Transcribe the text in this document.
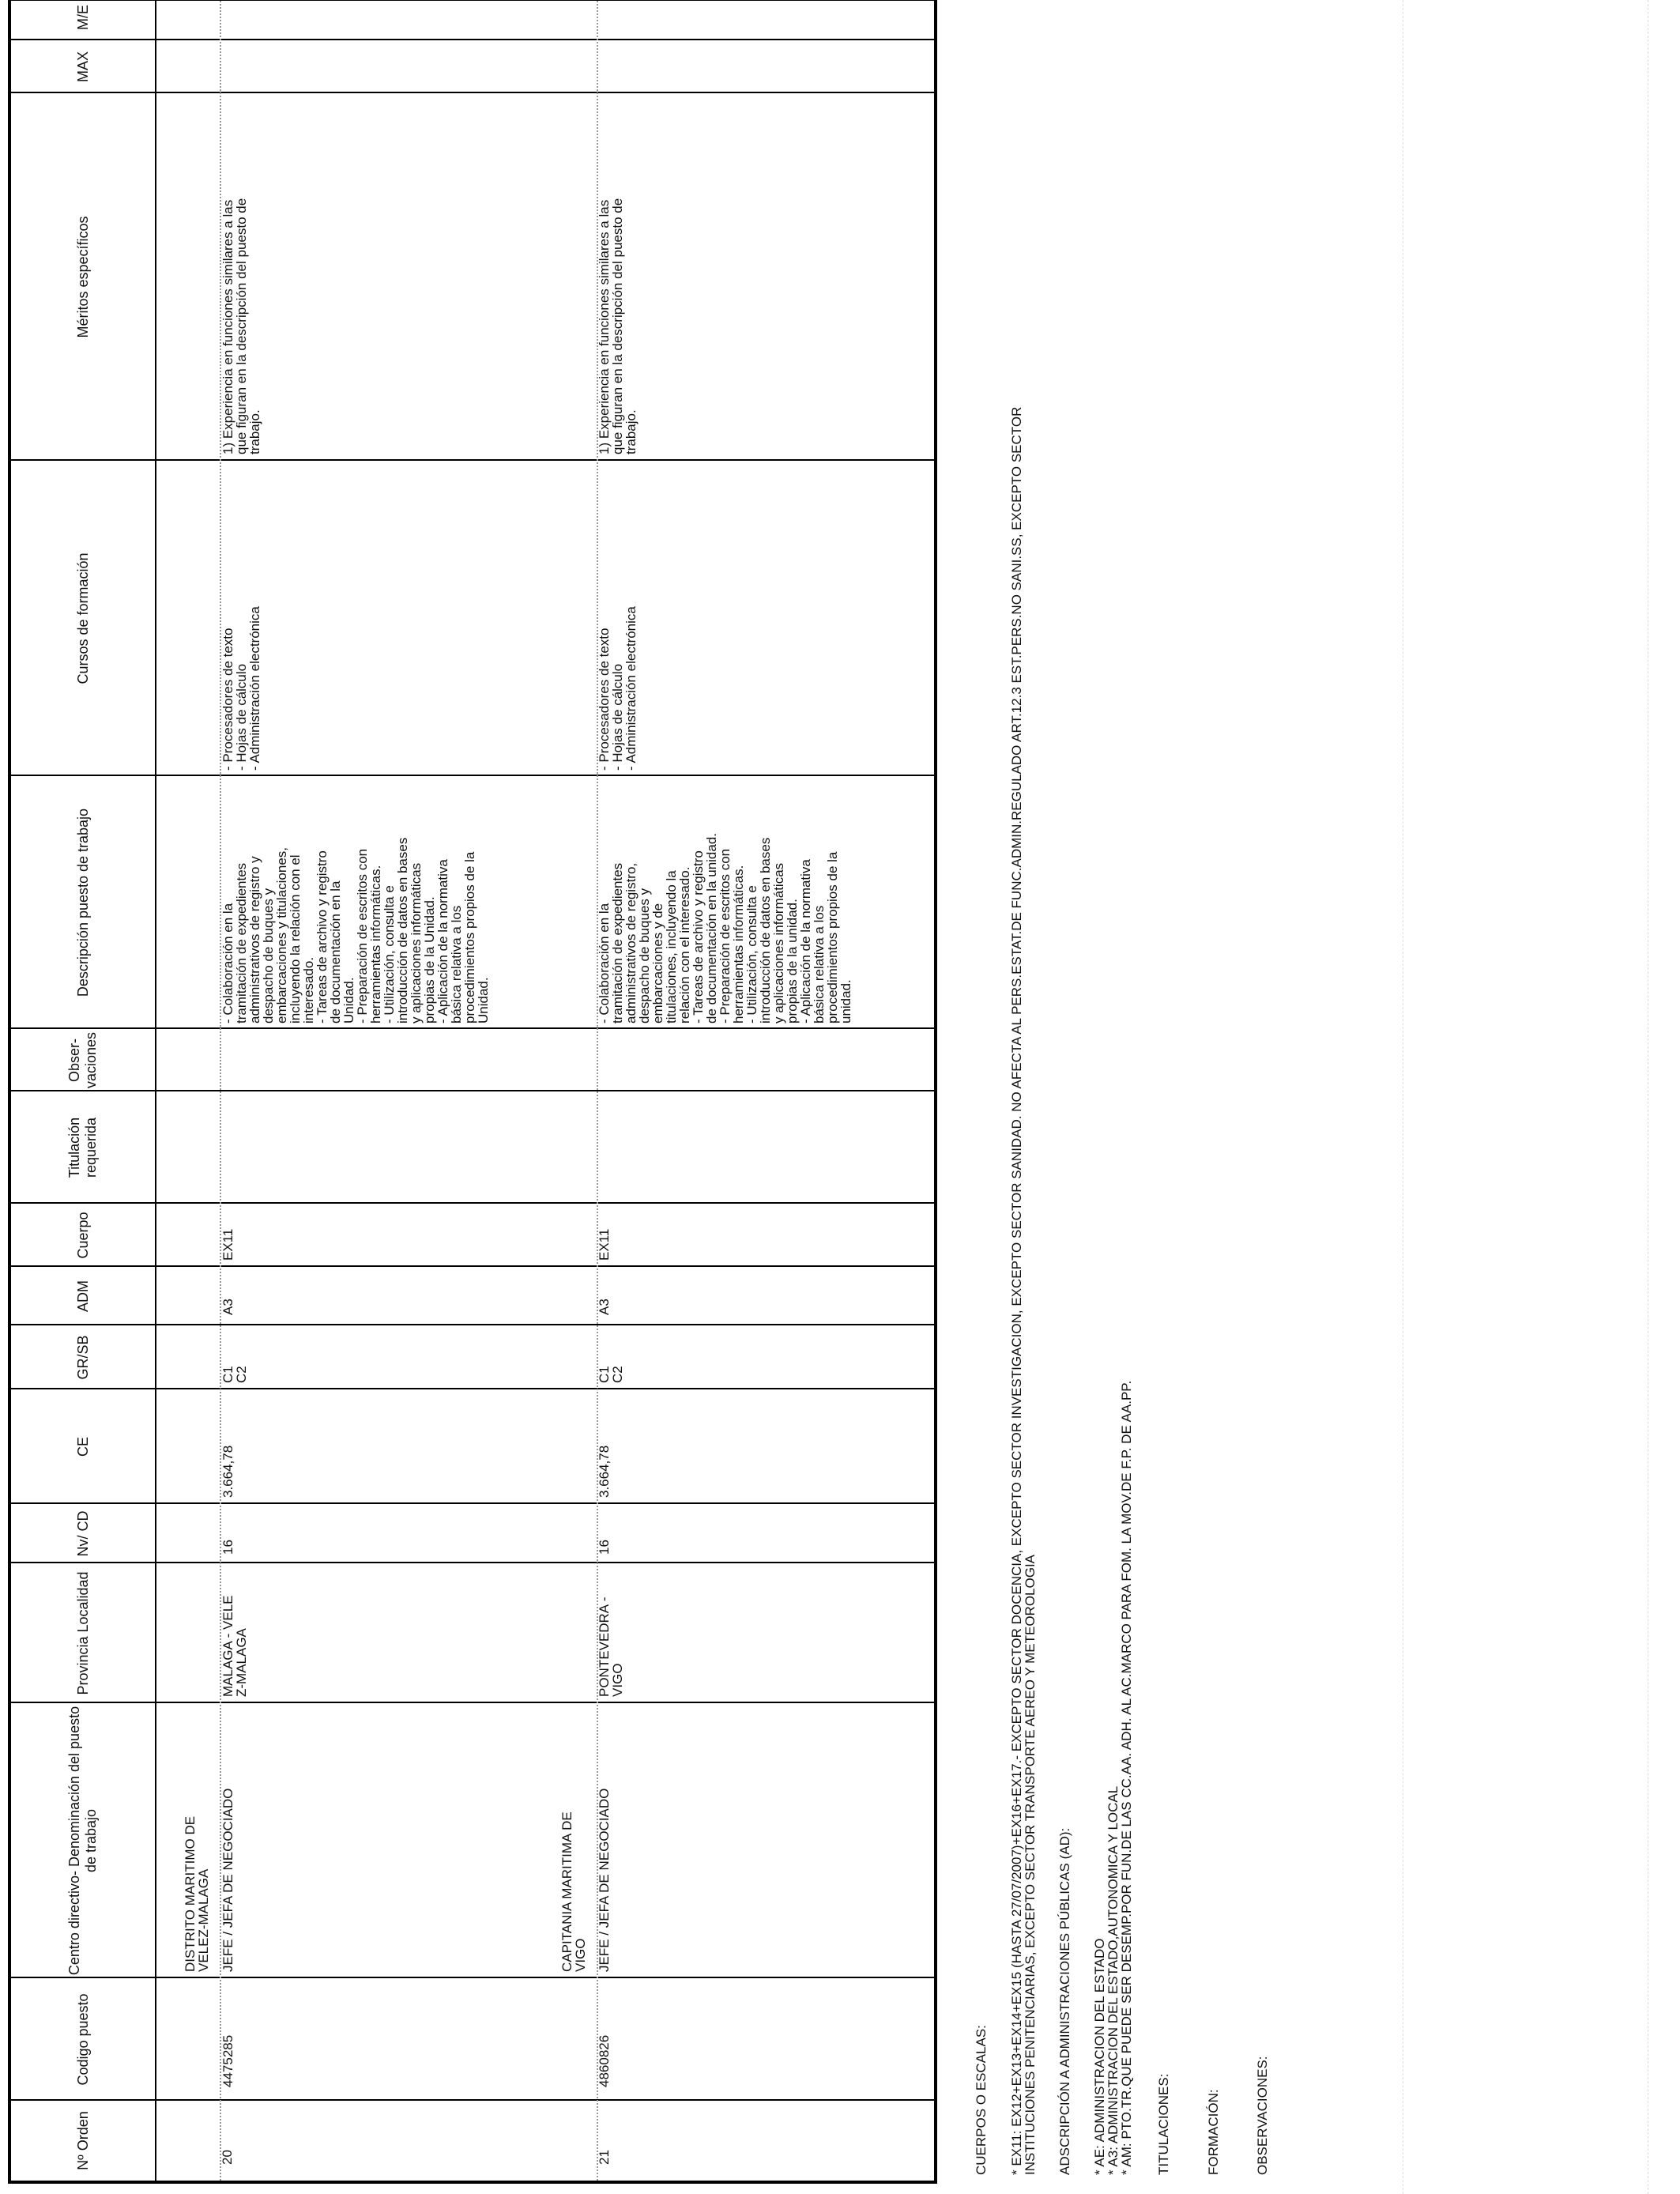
Nº Orden
Codigo puesto
Centro directivo- Denominación del puesto de trabajo
Provincia Localidad
Nv/ CD
CE
GR/SB
ADM
Cuerpo
Titulación requerida
Obser- vaciones
Descripción puesto de trabajo
Cursos de formación
Méritos específicos
MAX
M/E
20
4475285
DISTRITO MARITIMO DE
VELEZ-MALAGA JEFE / JEFA DE NEGOCIADO
MALAGA - VELE
Z-MALAGA
16
3.664,78
C1
C2
A3
EX11
- Colaboración en la
tramitación de expedientes
administrativos de registro y
despacho de buques y
embarcaciones y titulaciones,
incluyendo la relación con el
interesado.
- Tareas de archivo y registro
de documentación en la
Unidad.
- Preparación de escritos con
herramientas informáticas.
- Utilización, consulta e
introducción de datos en bases
y aplicaciones informáticas
propias de la Unidad.
- Aplicación de la normativa
básica relativa a los
procedimientos propios de la
Unidad.
- Procesadores de texto
- Hojas de cálculo
- Administración electrónica
1) Experiencia en funciones similares a las
que figuran en la descripción del puesto de
trabajo.
21
4860826
CAPITANIA MARITIMA DE
VIGO JEFE / JEFA DE NEGOCIADO
PONTEVEDRA -
VIGO
16
3.664,78
C1
C2
A3
EX11
- Colaboración en la
tramitación de expedientes
administrativos de registro,
despacho de buques y
embarcaciones y de
titulaciones, incluyendo la
relación con el interesado.
- Tareas de archivo y registro
de documentación en la unidad.
- Preparación de escritos con
herramientas informáticas.
- Utilización, consulta e
introducción de datos en bases
y aplicaciones informáticas
propias de la unidad.
- Aplicación de la normativa
básica relativa a los
procedimientos propios de la
unidad.
- Procesadores de texto
- Hojas de cálculo
- Administración electrónica
1) Experiencia en funciones similares a las
que figuran en la descripción del puesto de
trabajo.
CUERPOS O ESCALAS: * EX11: EX12+EX13+EX14+EX15 (HASTA 27/07/2007)+EX16+EX17.- EXCEPTO SECTOR DOCENCIA, EXCEPTO SECTOR INVESTIGACION, EXCEPTO SECTOR SANIDAD. NO AFECTA AL PERS.ESTAT.DE FUNC.ADMIN.REGULADO ART.12.3 EST.PERS.NO SANI.SS, EXCEPTO SECTOR
INSTITUCIONES PENITENCIARIAS, EXCEPTO SECTOR TRANSPORTE AEREO Y METEOROLOGIA
ADSCRIPCIÓN A ADMINISTRACIONES PÚBLICAS (AD): * AE: ADMINISTRACION DEL ESTADO
* A3: ADMINISTRACION DEL ESTADO,AUTONOMICA Y LOCAL
* AM: PTO.TR.QUE PUEDE SER DESEMP.POR FUN.DE LAS CC.AA. ADH. AL AC.MARCO PARA FOM. LA MOV.DE F.P. DE AA.PP.
TITULACIONES:	FORMACIÓN:	OBSERVACIONES:
